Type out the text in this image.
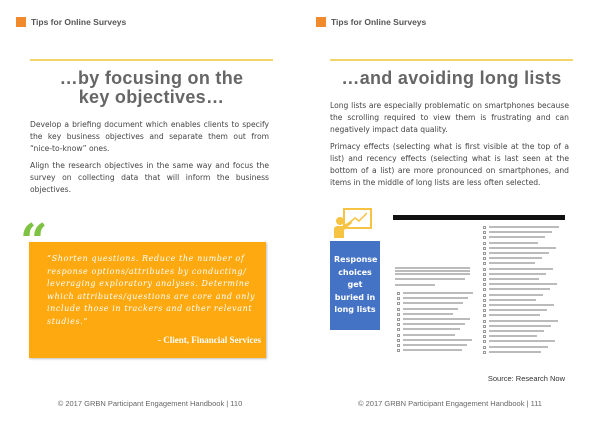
Tips for Online Surveys
…by focusing on the
key objectives…

Develop a briefing document which enables clients to specify the key business objectives and separate them out from “nice-to-know” ones.

Align the research objectives in the same way and focus the survey on collecting data that will inform the business objectives.

“ “Shorten questions. Reduce the number of response options/attributes by conducting/ leveraging exploratory analyses. Determine which attributes/questions are core and only include those in trackers and other relevant studies.”
- Client, Financial Services
© 2017 GRBN Participant Engagement Handbook | 110
Tips for Online Surveys
…and avoiding long lists

Long lists are especially problematic on smartphones because the scrolling required to view them is frustrating and can negatively impact data quality.

Primacy effects (selecting what is first visible at the top of a list) and recency effects (selecting what is last seen at the bottom of a list) are more pronounced on smartphones, and items in the middle of long lists are less often selected.

Response choices get buried in long lists
Source: Research Now
© 2017 GRBN Participant Engagement Handbook | 111
